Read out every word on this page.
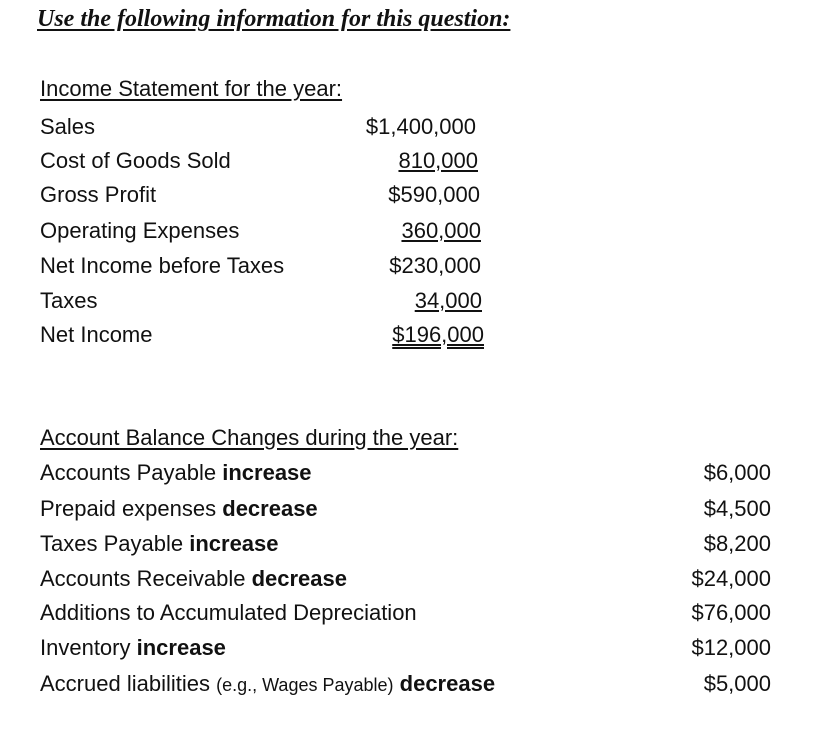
Use the following information for this question:
Income Statement for the year:
Sales	$1,400,000
Cost of Goods Sold	810,000
Gross Profit	$590,000
Operating Expenses	360,000
Net Income before Taxes	$230,000
Taxes	34,000
Net Income	$196,000
Account Balance Changes during the year:
Accounts Payable increase	$6,000
Prepaid expenses decrease	$4,500
Taxes Payable increase	$8,200
Accounts Receivable decrease	$24,000
Additions to Accumulated Depreciation	$76,000
Inventory increase	$12,000
Accrued liabilities (e.g., Wages Payable) decrease	$5,000
